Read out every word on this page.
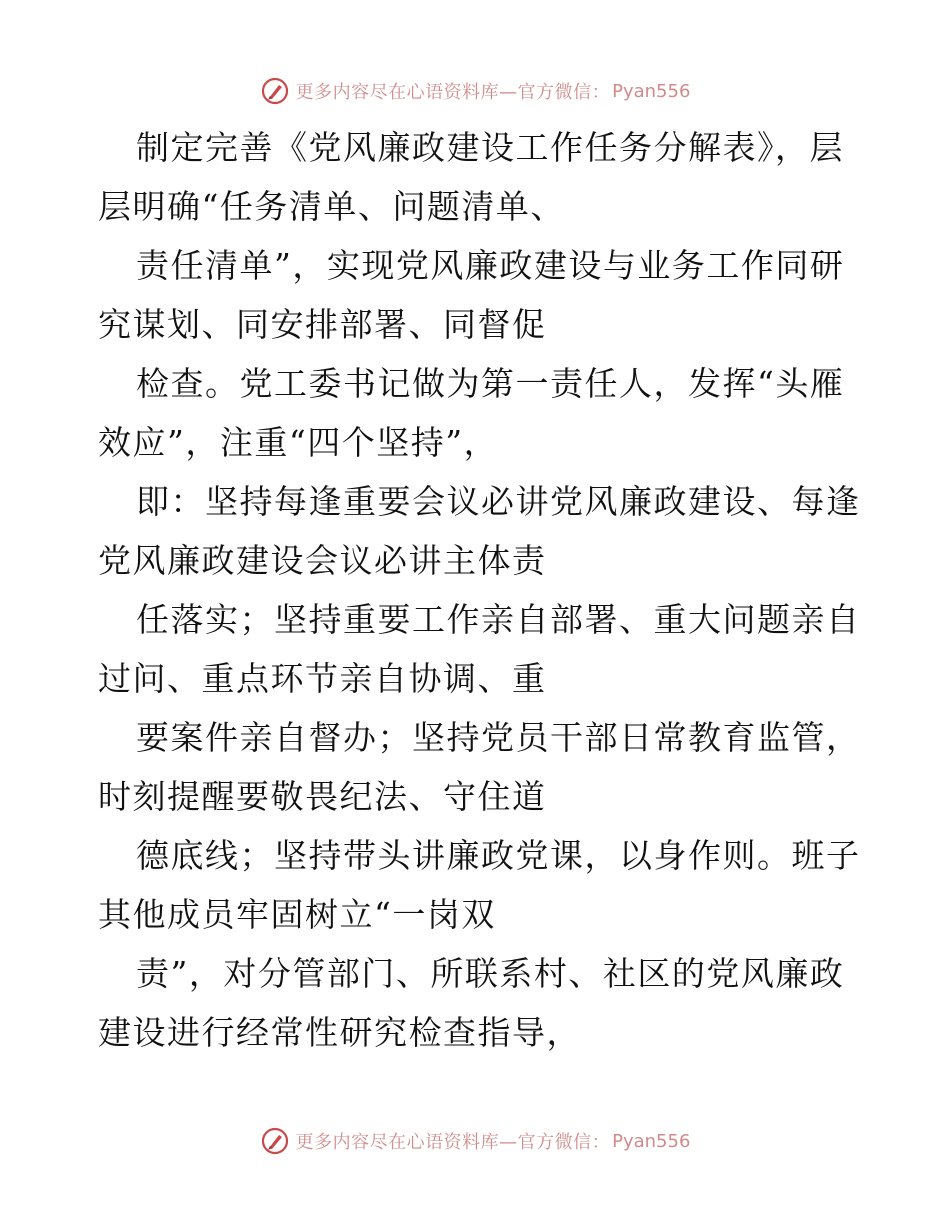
更多内容尽在心语资料库—官方微信： Pyan556

制定完善《党风廉政建设工作任务分解表》，层
层明确“任务清单、问题清单、

责任清单”，实现党风廉政建设与业务工作同研
究谋划、同安排部署、同督促

检查。党工委书记做为第一责任人，发挥“头雁
效应”，注重“四个坚持”，

即：坚持每逢重要会议必讲党风廉政建设、每逢
党风廉政建设会议必讲主体责

任落实；坚持重要工作亲自部署、重大问题亲自
过问、重点环节亲自协调、重

要案件亲自督办；坚持党员干部日常教育监管，
时刻提醒要敬畏纪法、守住道

德底线；坚持带头讲廉政党课，以身作则。班子
其他成员牢固树立“一岗双

责”，对分管部门、所联系村、社区的党风廉政
建设进行经常性研究检查指导，

更多内容尽在心语资料库—官方微信： Pyan556
